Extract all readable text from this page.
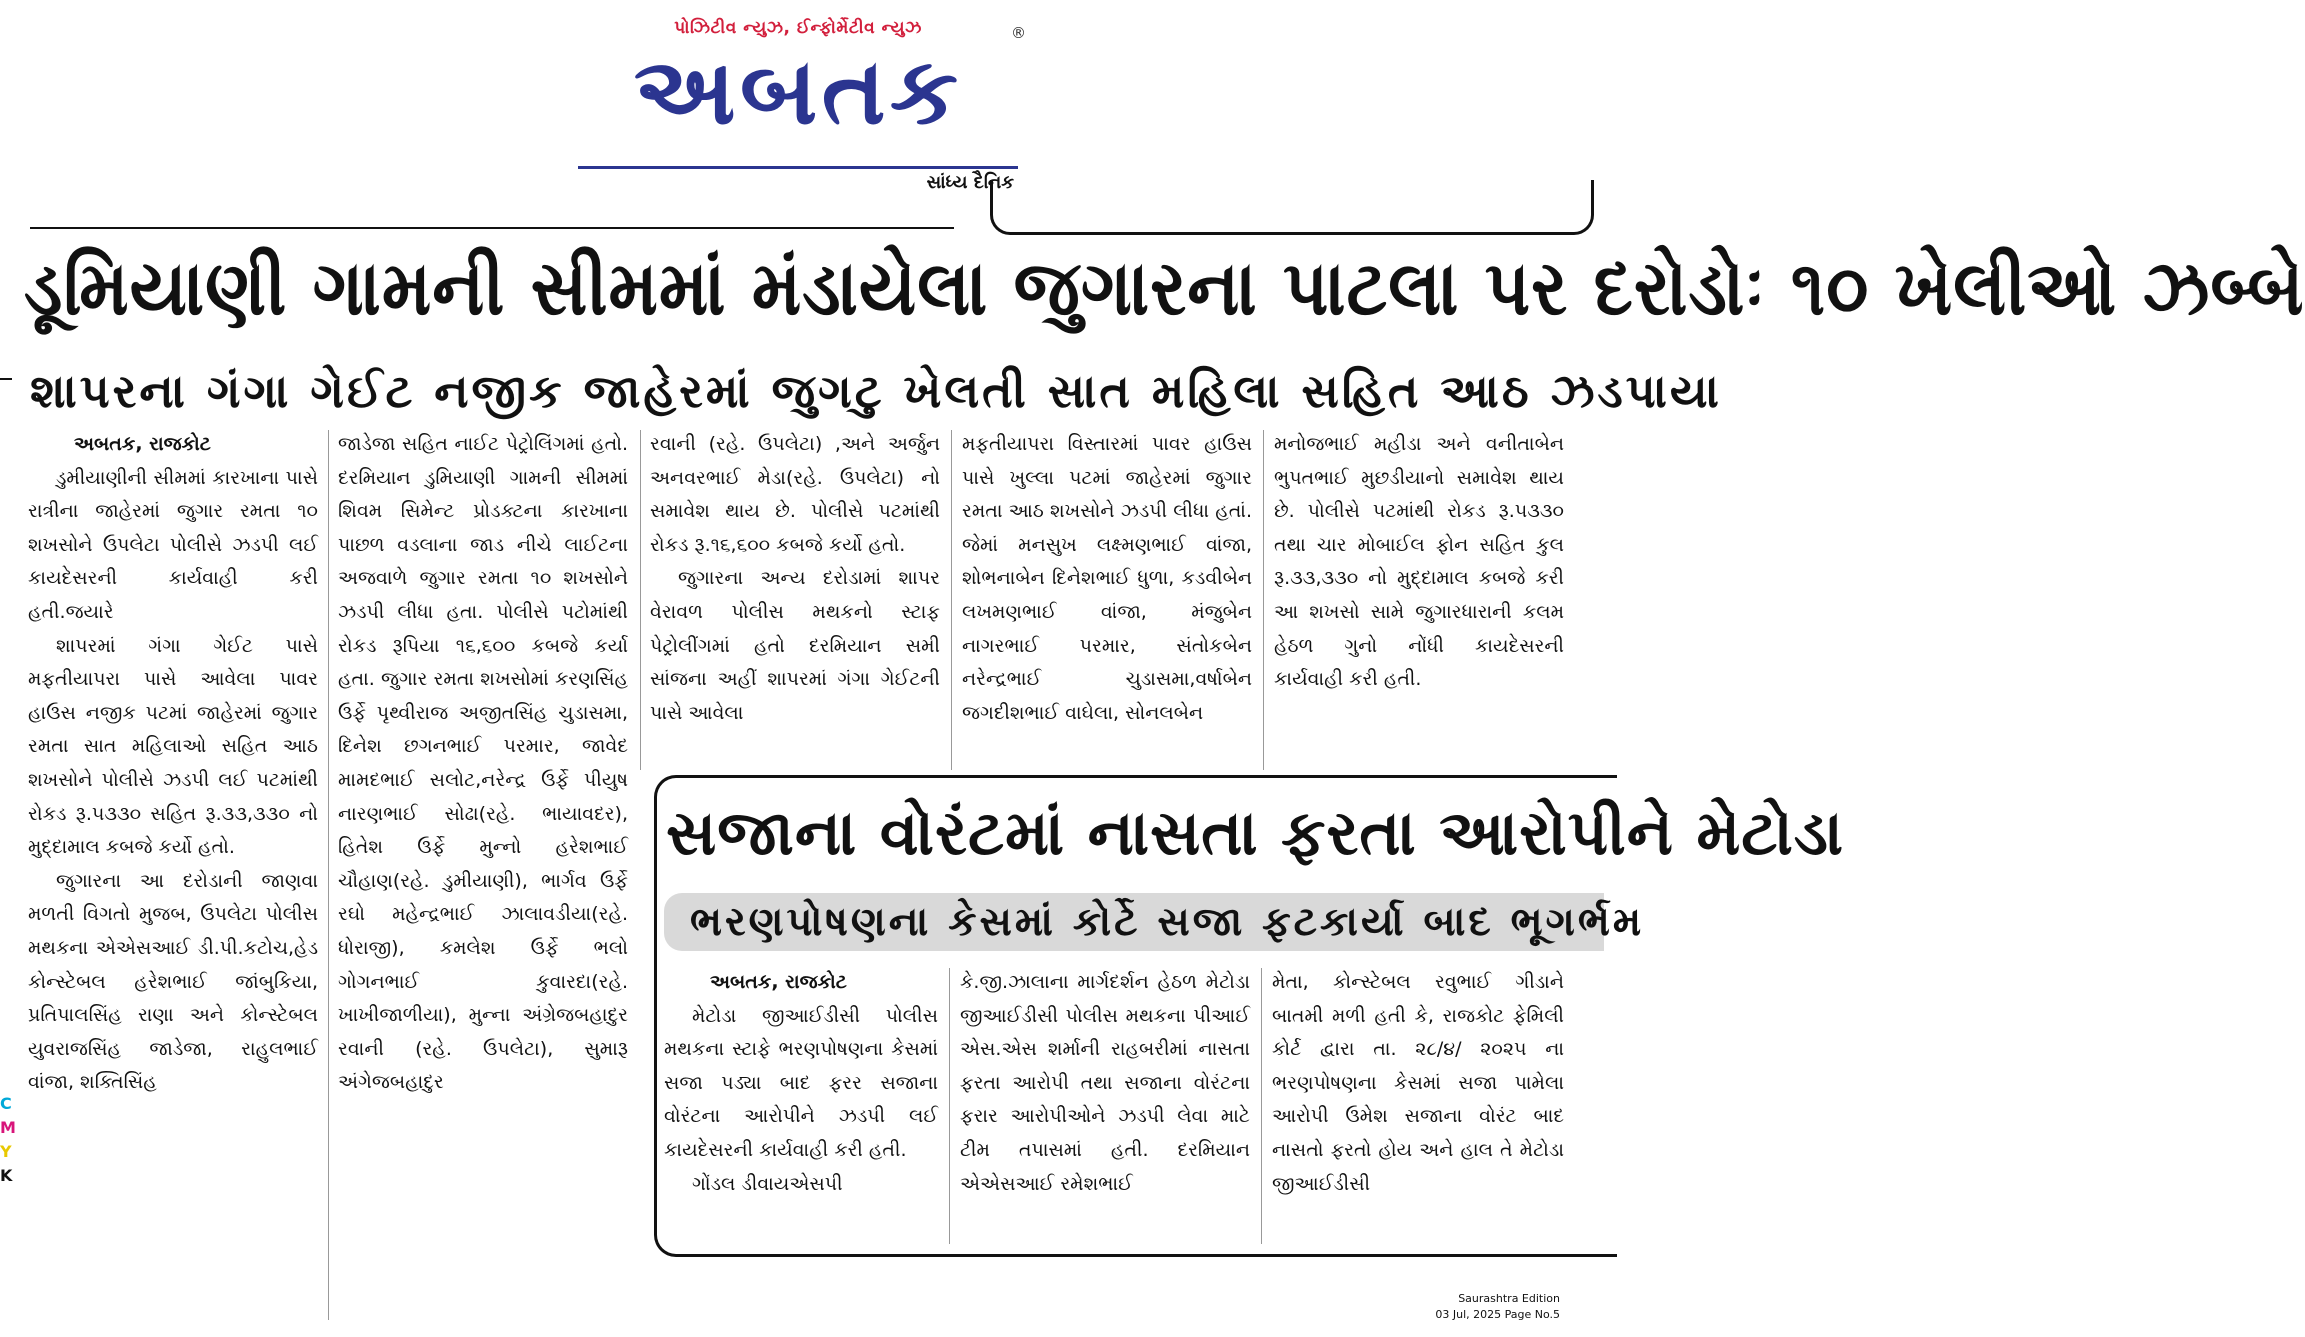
પોઝિટીવ ન્યુઝ, ઈન્ફોર્મેટીવ ન્યુઝ	®
અબતક
સાંધ્ય દૈનિક
ડૂમિયાણી ગામની સીમમાં મંડાયેલા જુગારના પાટલા પર દરોડોઃ ૧૦ ખેલીઓ ઝબ્બે
શાપરના ગંગા ગેઈટ નજીક જાહેરમાં જુગટુ ખેલતી સાત મહિલા સહિત આઠ ઝડપાયા
અબતક, રાજકોટ

ડુમીયાણીની સીમમાં કારખાના પાસે રાત્રીના જાહેરમાં જુગાર રમતા ૧૦ શખસોને ઉપલેટા પોલીસે ઝડપી લઈ કાયદેસરની કાર્યવાહી કરી હતી.જયારે

શાપરમાં ગંગા ગેઈટ પાસે મફતીયાપરા પાસે આવેલા પાવર હાઉસ નજીક પટમાં જાહેરમાં જુગાર રમતા સાત મહિલાઓ સહિત આઠ શખસોને પોલીસે ઝડપી લઈ પટમાંથી રોકડ રૂ.૫૩૩૦ સહિત રૂ.૩૩,૩૩૦ નો મુદ્દામાલ કબજે કર્યો હતો.

જુગારના આ દરોડાની જાણવા મળતી વિગતો મુજબ, ઉપલેટા પોલીસ મથકના એએસઆઈ ડી.પી.કટોચ,હેડ કોન્સ્ટેબલ હરેશભાઈ જાંબુકિયા, પ્રતિપાલસિંહ રાણા અને કોન્સ્ટેબલ યુવરાજસિંહ જાડેજા, રાહુલભાઈ વાંજા, શક્તિસિંહ

જાડેજા સહિત નાઈટ પેટ્રોલિંગમાં હતો. દરમિયાન ડુમિયાણી ગામની સીમમાં શિવમ સિમેન્ટ પ્રોડક્ટના કારખાના પાછળ વડલાના જાડ નીચે લાઈટના અજવાળે જુગાર રમતા ૧૦ શખસોને ઝડપી લીધા હતા. પોલીસે પટોમાંથી રોકડ રૂપિયા ૧૬,૬૦૦ કબજે કર્યા હતા. જુગાર રમતા શખસોમાં કરણસિંહ ઉર્ફે પૃથ્વીરાજ અજીતસિંહ ચુડાસમા, દિનેશ છગનભાઈ પરમાર, જાવેદ મામદભાઈ સલોટ,નરેન્દ્ર ઉર્ફે પીયુષ નારણભાઈ સોઢા(રહે. ભાયાવદર), હિતેશ ઉર્ફે મુન્નો હરેશભાઈ ચૌહાણ(રહે. ડુમીયાણી), ભાર્ગવ ઉર્ફે રઘો મહેન્દ્રભાઈ ઝાલાવડીયા(રહે. ધોરાજી), કમલેશ ઉર્ફે ભલો ગોગનભાઈ કુવારદા(રહે. ખાખીજાળીયા), મુન્ના અંગ્રેજબહાદુર રવાની (રહે. ઉપલેટા), સુમારૂ અંગેજબહાદુર

રવાની (રહે. ઉપલેટા) ,અને અર્જુન અનવરભાઈ મેડા(રહે. ઉપલેટા) નો સમાવેશ થાય છે. પોલીસે પટમાંથી રોકડ રૂ.૧૬,૬૦૦ કબજે કર્યો હતો.

જુગારના અન્ય દરોડામાં શાપર વેરાવળ પોલીસ મથકનો સ્ટાફ પેટ્રોલીંગમાં હતો દરમિયાન સમી સાંજના અહીં શાપરમાં ગંગા ગેઈટની પાસે આવેલા

મફતીયાપરા વિસ્તારમાં પાવર હાઉસ પાસે ખુલ્લા પટમાં જાહેરમાં જુગાર રમતા આઠ શખસોને ઝડપી લીધા હતાં. જેમાં મનસુખ લક્ષ્મણભાઈ વાંજા, શોભનાબેન દિનેશભાઈ ધુળા, કડવીબેન લખમણભાઈ વાંજા, મંજુબેન નાગરભાઈ પરમાર, સંતોકબેન નરેન્દ્રભાઈ ચુડાસમા,વર્ષાબેન જગદીશભાઈ વાઘેલા, સોનલબેન

મનોજભાઈ મહીડા અને વનીતાબેન ભુપતભાઈ મુછડીયાનો સમાવેશ થાય છે. પોલીસે પટમાંથી રોકડ રૂ.૫૩૩૦ તથા ચાર મોબાઈલ ફોન સહિત કુલ રૂ.૩૩,૩૩૦ નો મુદ્દામાલ કબજે કરી આ શખસો સામે જુગારધારાની કલમ હેઠળ ગુનો નોંધી કાયદેસરની કાર્યવાહી કરી હતી.

સજાના વોરંટમાં નાસતા ફરતા આરોપીને મેટોડા
ભરણપોષણના કેસમાં કોર્ટે સજા ફટકાર્યા બાદ ભૂગર્ભમ
અબતક, રાજકોટ

મેટોડા જીઆઈડીસી પોલીસ મથકના સ્ટાફે ભરણપોષણના કેસમાં સજા પડ્યા બાદ ફરર સજાના વોરંટના આરોપીને ઝડપી લઈ કાયદેસરની કાર્યવાહી કરી હતી.

ગોંડલ ડીવાયએસપી

કે.જી.ઝાલાના માર્ગદર્શન હેઠળ મેટોડા જીઆઈડીસી પોલીસ મથકના પીઆઈ એસ.એસ શર્માની રાહબરીમાં નાસતા ફરતા આરોપી તથા સજાના વોરંટના ફરાર આરોપીઓને ઝડપી લેવા માટે ટીમ તપાસમાં હતી. દરમિયાન એએસઆઈ રમેશભાઈ

મેતા, કોન્સ્ટેબલ રવુભાઈ ગીડાને બાતમી મળી હતી કે, રાજકોટ ફેમિલી કોર્ટ દ્વારા તા. ૨૮/૪/ ૨૦૨૫ ના ભરણપોષણના કેસમાં સજા પામેલા આરોપી ઉમેશ સજાના વોરંટ બાદ નાસતો ફરતો હોય અને હાલ તે મેટોડા જીઆઈડીસી

C
M
Y
K
Saurashtra Edition
03 Jul, 2025 Page No.5
